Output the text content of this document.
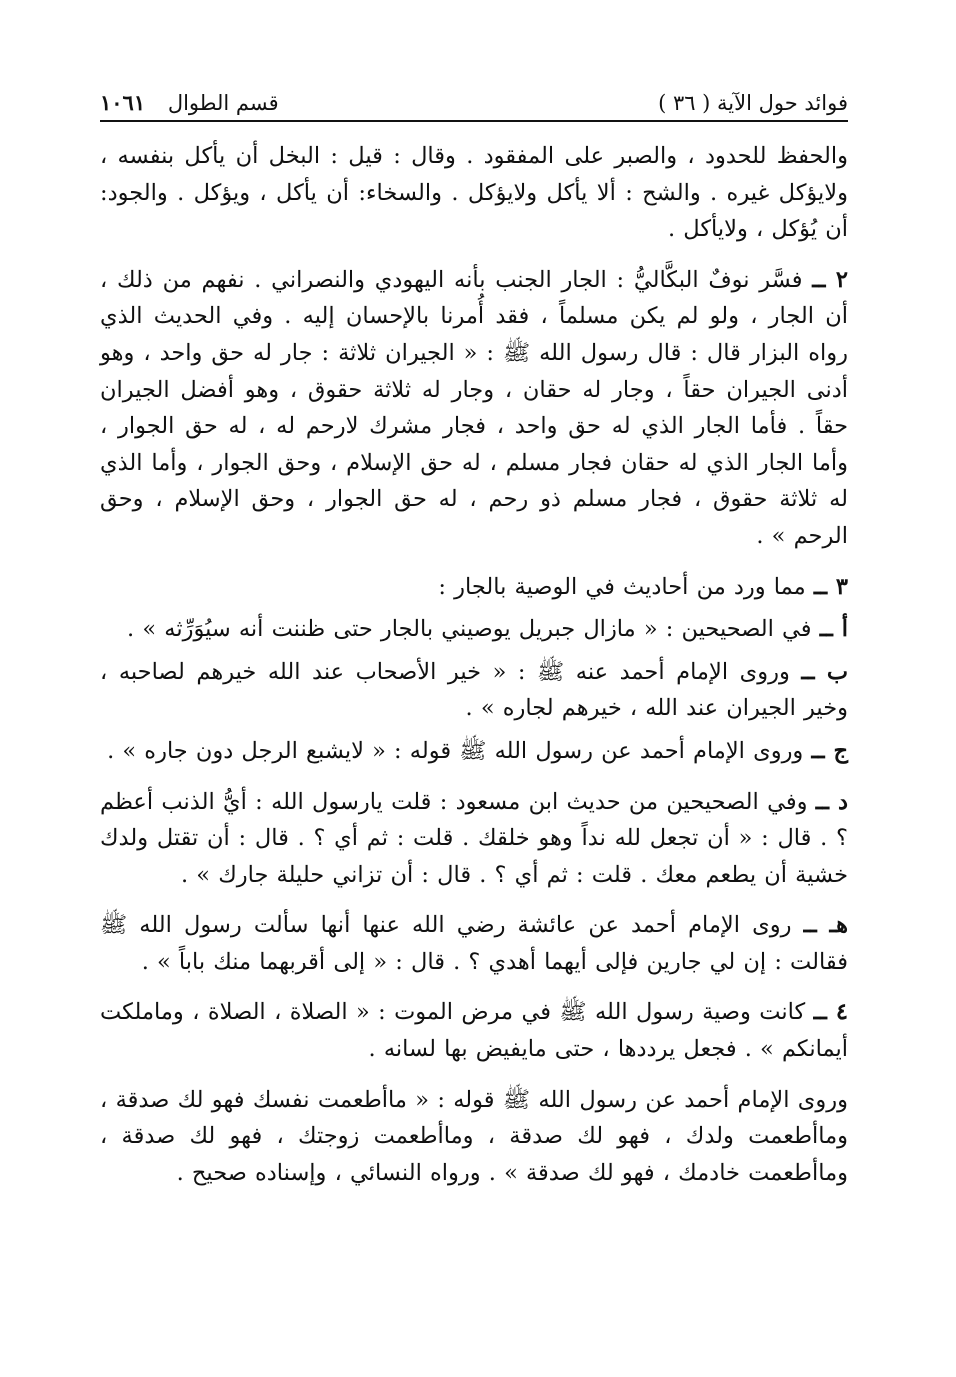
فوائد حول الآية ( ٣٦ )
قسم الطوال ١٠٦١

والحفظ للحدود ، والصبر على المفقود . وقال : قيل : البخل أن يأكل بنفسه ، ولايؤكل غيره . والشح : ألا يأكل ولايؤكل . والسخاء: أن يأكل ، ويؤكل . والجود: أن يُؤكل ، ولايأكل .

٢ ــ فسَّر نوفٌ البكَّاليُّ : الجار الجنب بأنه اليهودي والنصراني . نفهم من ذلك ، أن الجار ، ولو لم يكن مسلماً ، فقد أُمرنا بالإحسان إليه . وفي الحديث الذي رواه البزار قال : قال رسول الله ﷺ : « الجيران ثلاثة : جار له حق واحد ، وهو أدنى الجيران حقاً ، وجار له حقان ، وجار له ثلاثة حقوق ، وهو أفضل الجيران حقاً . فأما الجار الذي له حق واحد ، فجار مشرك لارحم له ، له حق الجوار ، وأما الجار الذي له حقان فجار مسلم ، له حق الإسلام ، وحق الجوار ، وأما الذي له ثلاثة حقوق ، فجار مسلم ذو رحم ، له حق الجوار ، وحق الإسلام ، وحق الرحم » .

٣ ــ مما ورد من أحاديث في الوصية بالجار :

أ ــ في الصحيحين : « مازال جبريل يوصيني بالجار حتى ظننت أنه سيُوَرِّثه » .

ب ــ وروى الإمام أحمد عنه ﷺ : « خير الأصحاب عند الله خيرهم لصاحبه ، وخير الجيران عند الله ، خيرهم لجاره » .

ج ــ وروى الإمام أحمد عن رسول الله ﷺ قوله : « لايشبع الرجل دون جاره » .

د ــ وفي الصحيحين من حديث ابن مسعود : قلت يارسول الله : أيُّ الذنب أعظم ؟ . قال : « أن تجعل لله نداً وهو خلقك . قلت : ثم أي ؟ . قال : أن تقتل ولدك خشية أن يطعم معك . قلت : ثم أي ؟ . قال : أن تزاني حليلة جارك » .

هـ ــ روى الإمام أحمد عن عائشة رضي الله عنها أنها سألت رسول الله ﷺ فقالت : إن لي جارين فإلى أيهما أهدي ؟ . قال : « إلى أقربهما منك باباً » .

٤ ــ كانت وصية رسول الله ﷺ في مرض الموت : « الصلاة ، الصلاة ، وماملكت أيمانكم » . فجعل يرددها ، حتى مايفيض بها لسانه .

وروى الإمام أحمد عن رسول الله ﷺ قوله : « ماأطعمت نفسك فهو لك صدقة ، وماأطعمت ولدك ، فهو لك صدقة ، وماأطعمت زوجتك ، فهو لك صدقة ، وماأطعمت خادمك ، فهو لك صدقة » . ورواه النسائي ، وإسناده صحيح .
